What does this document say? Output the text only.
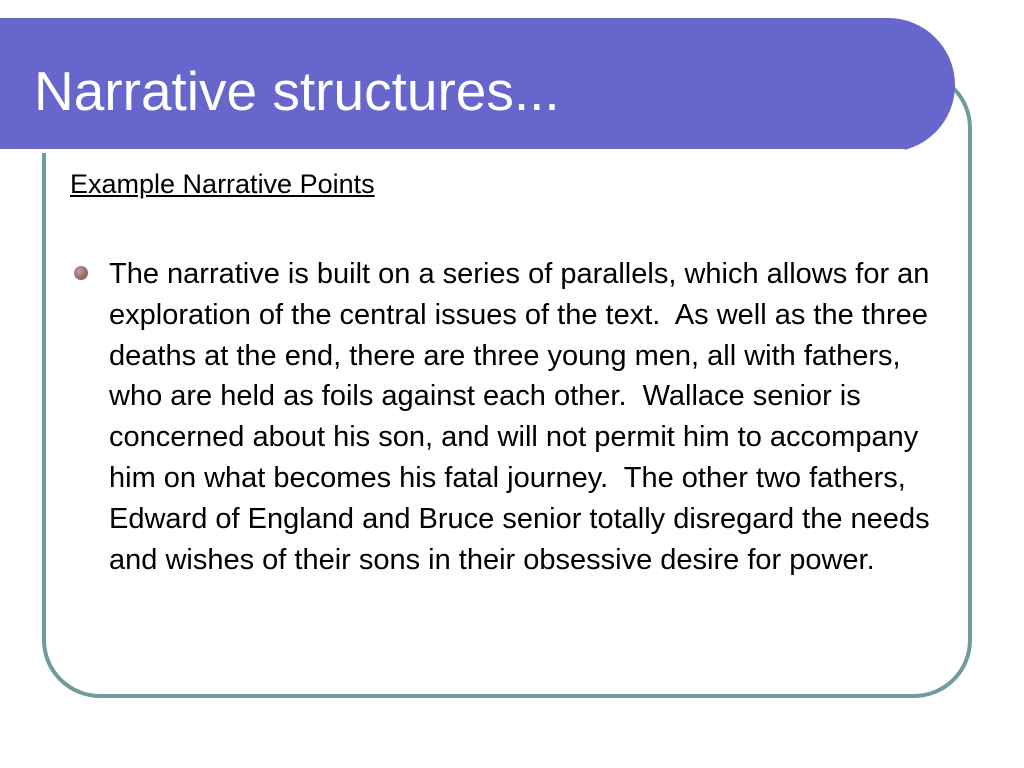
Narrative structures...
Example Narrative Points

The narrative is built on a series of parallels, which allows for an exploration of the central issues of the text.  As well as the three deaths at the end, there are three young men, all with fathers, who are held as foils against each other.  Wallace senior is concerned about his son, and will not permit him to accompany him on what becomes his fatal journey.  The other two fathers, Edward of England and Bruce senior totally disregard the needs and wishes of their sons in their obsessive desire for power.
